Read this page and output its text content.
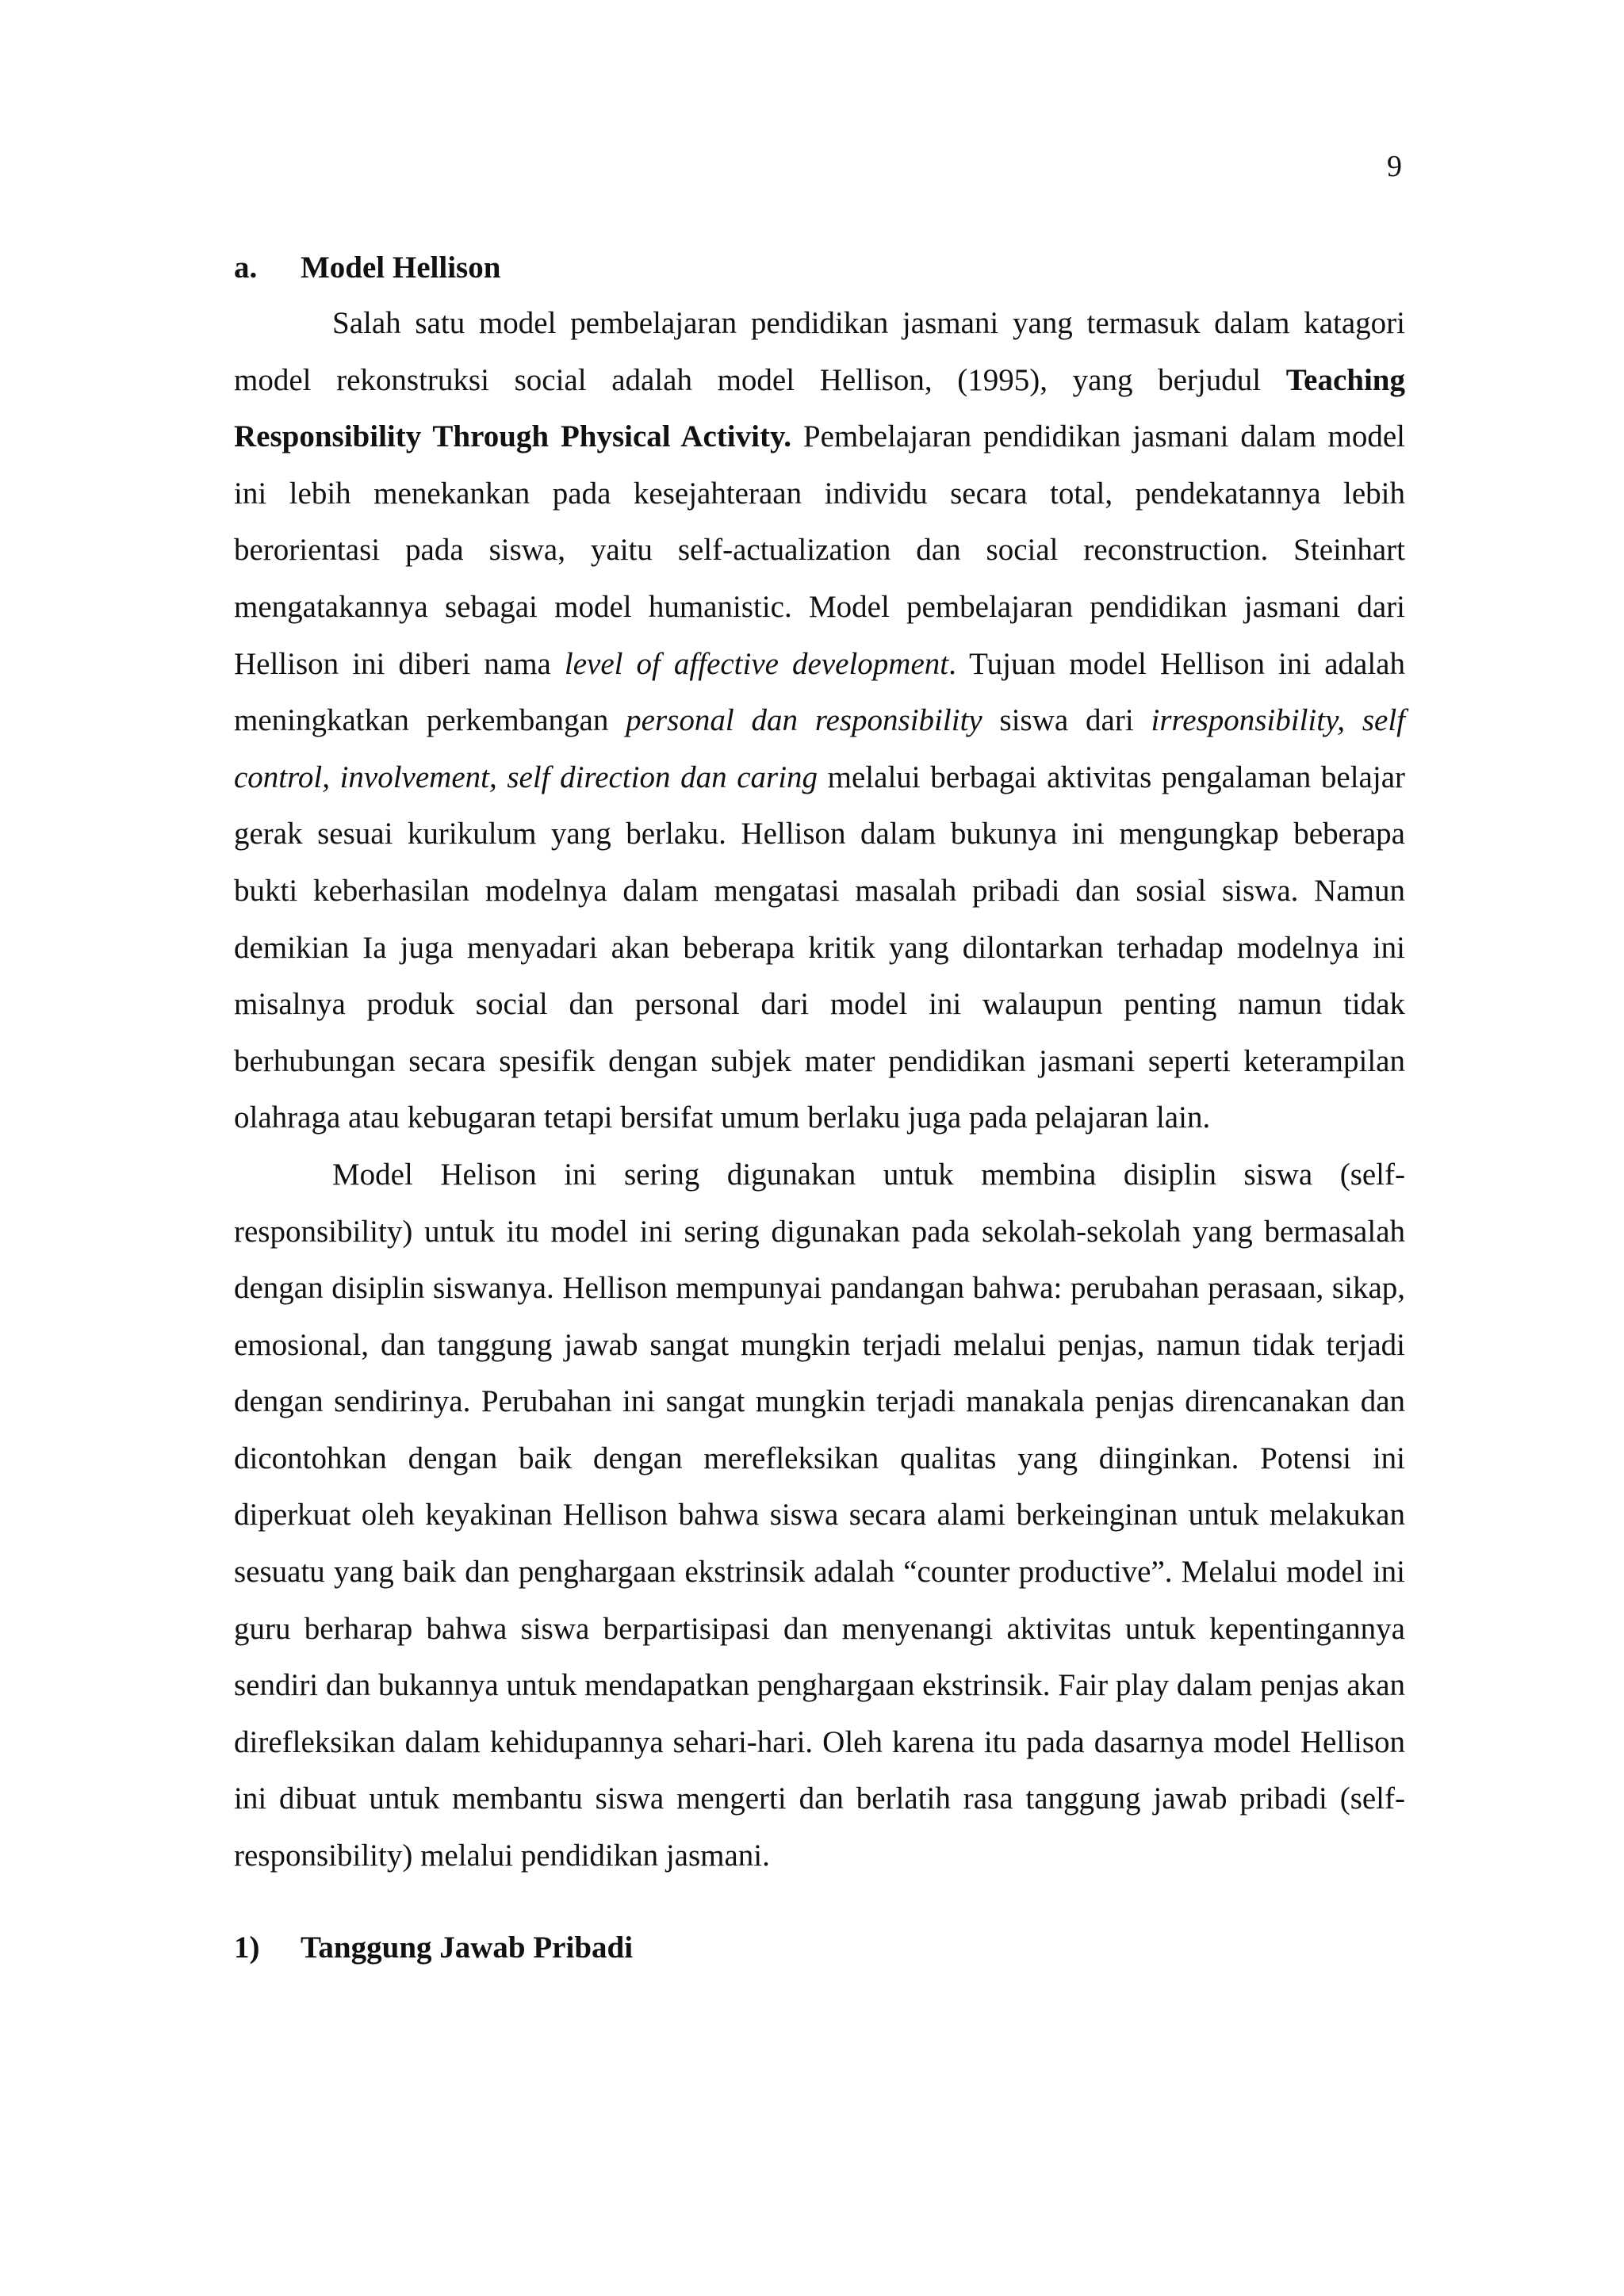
9
a.	Model Hellison

Salah satu model pembelajaran pendidikan jasmani yang termasuk dalam katagori model rekonstruksi social adalah model Hellison, (1995), yang berjudul Teaching Responsibility Through Physical Activity. Pembelajaran pendidikan jasmani dalam model ini lebih menekankan pada kesejahteraan individu secara total, pendekatannya lebih berorientasi pada siswa, yaitu self-actualization dan social reconstruction. Steinhart mengatakannya sebagai model humanistic. Model pembelajaran pendidikan jasmani dari Hellison ini diberi nama level of affective development. Tujuan model Hellison ini adalah meningkatkan perkembangan personal dan responsibility siswa dari irresponsibility, self control, involvement, self direction dan caring melalui berbagai aktivitas pengalaman belajar gerak sesuai kurikulum yang berlaku. Hellison dalam bukunya ini mengungkap beberapa bukti keberhasilan modelnya dalam mengatasi masalah pribadi dan sosial siswa. Namun demikian Ia juga menyadari akan beberapa kritik yang dilontarkan terhadap modelnya ini misalnya produk social dan personal dari model ini walaupun penting namun tidak berhubungan secara spesifik dengan subjek mater pendidikan jasmani seperti keterampilan olahraga atau kebugaran tetapi bersifat umum berlaku juga pada pelajaran lain.

Model Helison ini sering digunakan untuk membina disiplin siswa (self-responsibility) untuk itu model ini sering digunakan pada sekolah-sekolah yang bermasalah dengan disiplin siswanya. Hellison mempunyai pandangan bahwa: perubahan perasaan, sikap, emosional, dan tanggung jawab sangat mungkin terjadi melalui penjas, namun tidak terjadi dengan sendirinya. Perubahan ini sangat mungkin terjadi manakala penjas direncanakan dan dicontohkan dengan baik dengan merefleksikan qualitas yang diinginkan. Potensi ini diperkuat oleh keyakinan Hellison bahwa siswa secara alami berkeinginan untuk melakukan sesuatu yang baik dan penghargaan ekstrinsik adalah “counter productive”. Melalui model ini guru berharap bahwa siswa berpartisipasi dan menyenangi aktivitas untuk kepentingannya sendiri dan bukannya untuk mendapatkan penghargaan ekstrinsik. Fair play dalam penjas akan direfleksikan dalam kehidupannya sehari-hari. Oleh karena itu pada dasarnya model Hellison ini dibuat untuk membantu siswa mengerti dan berlatih rasa tanggung jawab pribadi (self-responsibility) melalui pendidikan jasmani.

1)	Tanggung Jawab Pribadi
